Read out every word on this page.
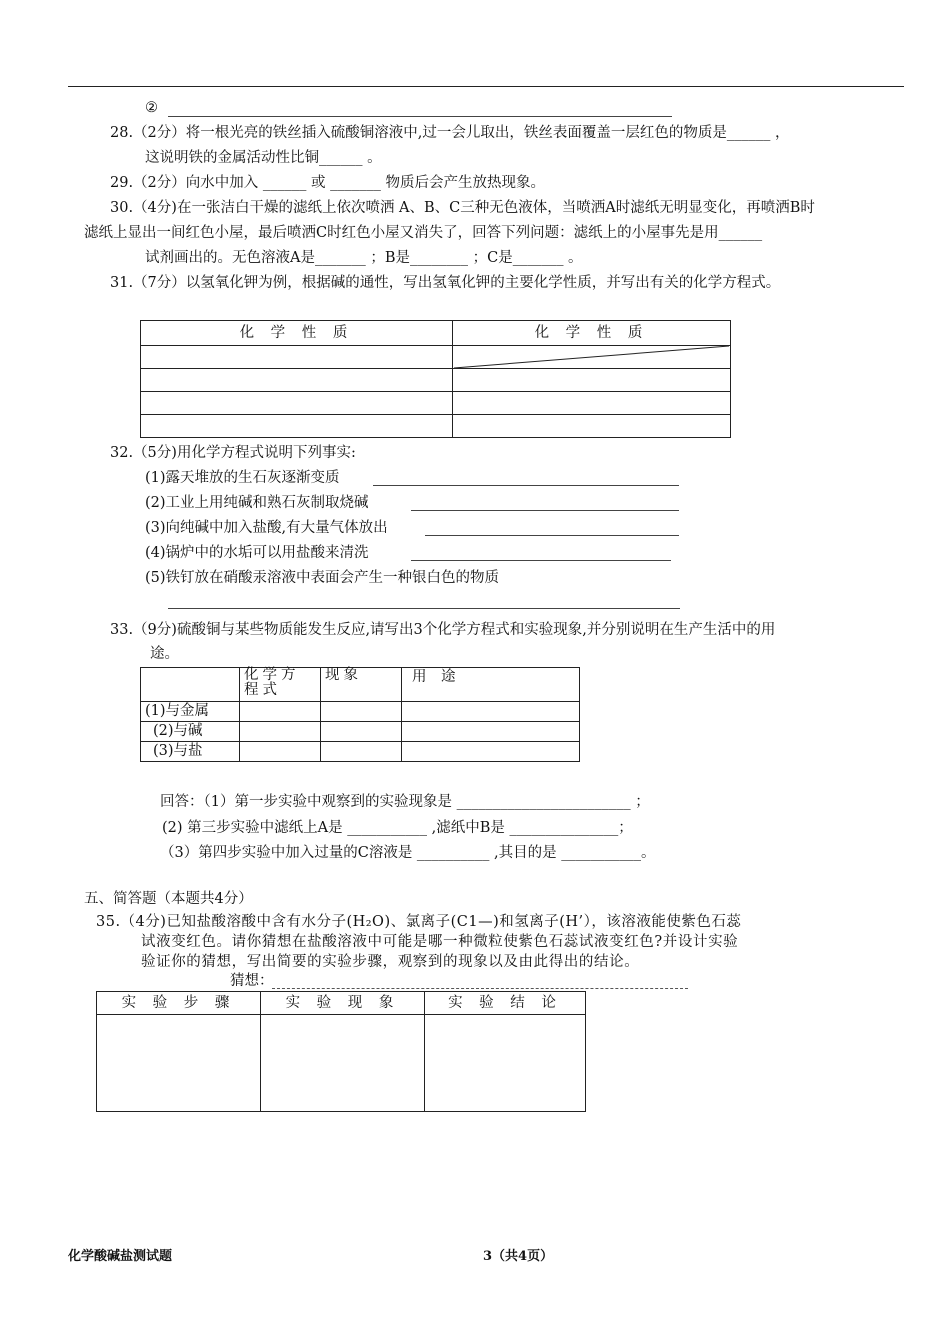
②
28.（2分）将一根光亮的铁丝插入硫酸铜溶液中,过一会儿取出，铁丝表面覆盖一层红色的物质是______ ，
这说明铁的金属活动性比铜______ 。
29.（2分）向水中加入 ______ 或 _______ 物质后会产生放热现象。
30.（4分)在一张洁白干燥的滤纸上依次喷洒 A、B、C三种无色液体，当喷洒A时滤纸无明显变化，再喷洒B时
滤纸上显出一间红色小屋，最后喷洒C时红色小屋又消失了，回答下列问题：滤纸上的小屋事先是用______
试剂画出的。无色溶液A是_______ ；B是________ ；C是_______ 。
31.（7分）以氢氧化钾为例，根据碱的通性，写出氢氧化钾的主要化学性质，并写出有关的化学方程式。
化 学 性 质	化 学 性 质

32.（5分)用化学方程式说明下列事实:
(1)露天堆放的生石灰逐渐变质
(2)工业上用纯碱和熟石灰制取烧碱
(3)向纯碱中加入盐酸,有大量气体放出
(4)锅炉中的水垢可以用盐酸来清洗
(5)铁钉放在硝酸汞溶液中表面会产生一种银白色的物质
33.（9分)硫酸铜与某些物质能发生反应,请写出3个化学方程式和实验现象,并分别说明在生产生活中的用
途。
	化学方程式	现象	用　途
(1)与金属			
(2)与碱			
(3)与盐			
回答：（1）第一步实验中观察到的实验现象是 ________________________ ；
(2) 第三步实验中滤纸上A是 ___________ ,滤纸中B是 _______________；
（3）第四步实验中加入过量的C溶液是 __________ ,其目的是 ___________。
五、简答题（本题共4分）
35.（4分)已知盐酸溶酸中含有水分子(H₂O)、氯离子(C1—)和氢离子(H’），该溶液能使紫色石蕊
试液变红色。请你猜想在盐酸溶液中可能是哪一种微粒使紫色石蕊试液变红色?并设计实验
验证你的猜想，写出简要的实验步骤，观察到的现象以及由此得出的结论。
猜想：
实 验 步 骤	实 验 现 象	实 验 结 论

化学酸碱盐测试题	3（共4页）
